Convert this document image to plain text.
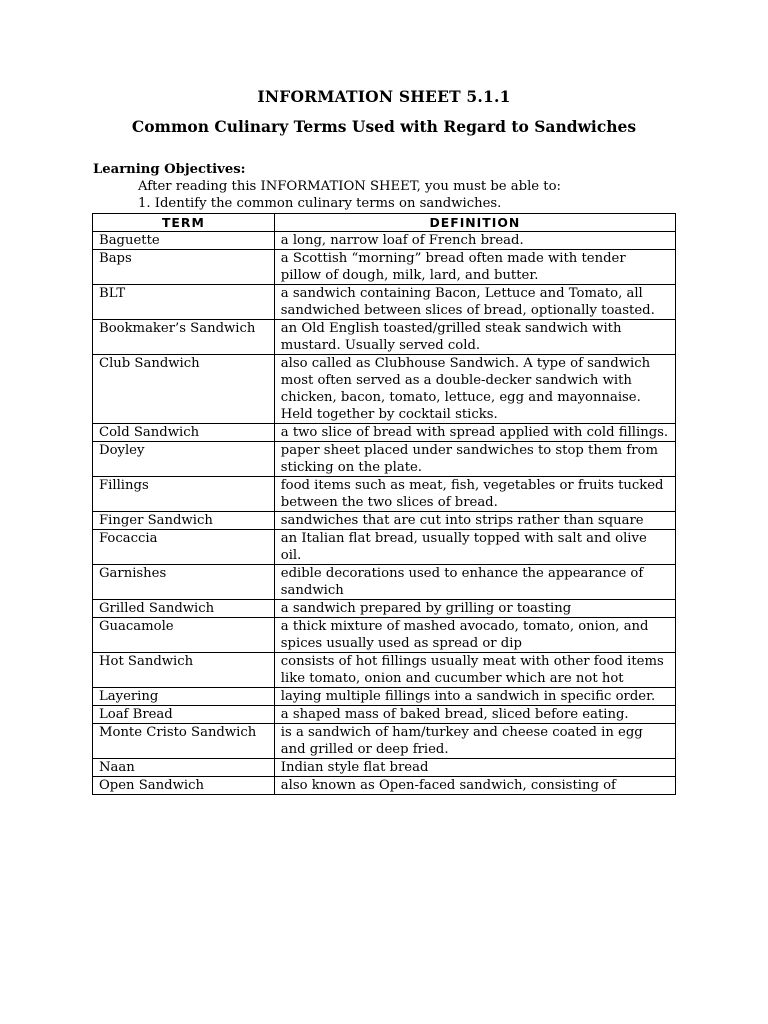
INFORMATION SHEET 5.1.1
Common Culinary Terms Used with Regard to Sandwiches
Learning Objectives:
After reading this INFORMATION SHEET, you must be able to:
1. Identify the common culinary terms on sandwiches.
TERM	DEFINITION
Baguette	a long, narrow loaf of French bread.
Baps	a Scottish “morning” bread often made with tender pillow of dough, milk, lard, and butter.
BLT	a sandwich containing Bacon, Lettuce and Tomato, all sandwiched between slices of bread, optionally toasted.
Bookmaker’s Sandwich	an Old English toasted/grilled steak sandwich with mustard. Usually served cold.
Club Sandwich	also called as Clubhouse Sandwich. A type of sandwich most often served as a double-decker sandwich with chicken, bacon, tomato, lettuce, egg and mayonnaise. Held together by cocktail sticks.
Cold Sandwich	a two slice of bread with spread applied with cold fillings.
Doyley	paper sheet placed under sandwiches to stop them from sticking on the plate.
Fillings	food items such as meat, fish, vegetables or fruits tucked between the two slices of bread.
Finger Sandwich	sandwiches that are cut into strips rather than square
Focaccia	an Italian flat bread, usually topped with salt and olive oil.
Garnishes	edible decorations used to enhance the appearance of sandwich
Grilled Sandwich	a sandwich prepared by grilling or toasting
Guacamole	a thick mixture of mashed avocado, tomato, onion, and spices usually used as spread or dip
Hot Sandwich	consists of hot fillings usually meat with other food items like tomato, onion and cucumber which are not hot
Layering	laying multiple fillings into a sandwich in specific order.
Loaf Bread	a shaped mass of baked bread, sliced before eating.
Monte Cristo Sandwich	is a sandwich of ham/turkey and cheese coated in egg and grilled or deep fried.
Naan	Indian style flat bread
Open Sandwich	also known as Open-faced sandwich, consisting of
